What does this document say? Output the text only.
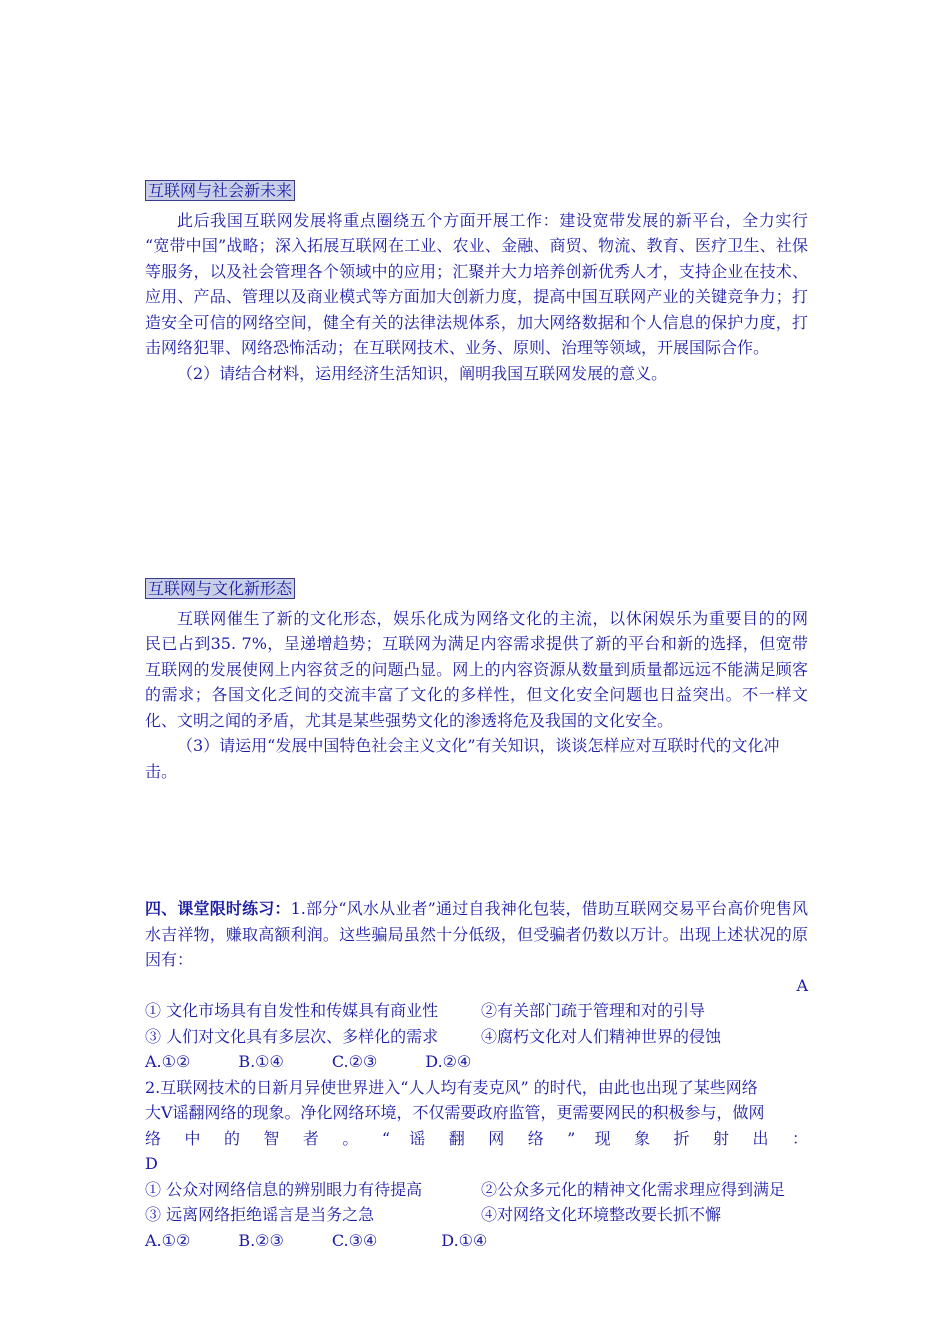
互联网与社会新未来

此后我国互联网发展将重点圈绕五个方面开展工作：建设宽带发展的新平台，全力实行 “宽带中国”战略；深入拓展互联网在工业、农业、金融、商贸、物流、教育、医疗卫生、社保等服务，以及社会管理各个领域中的应用；汇聚并大力培养创新优秀人才，支持企业在技术、应用、产品、管理以及商业模式等方面加大创新力度，提高中国互联网产业的关键竞争力；打造安全可信的网络空间，健全有关的法律法规体系，加大网络数据和个人信息的保护力度，打击网络犯罪、网络恐怖活动；在互联网技术、业务、原则、治理等领域，开展国际合作。

（2）请结合材料，运用经济生活知识，阐明我国互联网发展的意义。

互联网与文化新形态

互联网催生了新的文化形态，娱乐化成为网络文化的主流，以休闲娱乐为重要目的的网　民已占到35. 7%，呈递增趋势；互联网为满足内容需求提供了新的平台和新的选择，但宽带互联网的发展使网上内容贫乏的问题凸显。网上的内容资源从数量到质量都远远不能满足顾客的需求；各国文化乏间的交流丰富了文化的多样性，但文化安全问题也日益突出。不一样文化、文明之闻的矛盾，尤其是某些强势文化的渗透将危及我国的文化安全。

（3）请运用“发展中国特色社会主义文化”有关知识，谈谈怎样应对互联时代的文化冲击。

四、课堂限时练习：1.部分“风水从业者”通过自我神化包装，借助互联网交易平台高价兜售风水吉祥物，赚取高额利润。这些骗局虽然十分低级，但受骗者仍数以万计。出现上述状况的原因有：

A

① 文化市场具有自发性和传媒具有商业性	②有关部门疏于管理和对的引导
③ 人们对文化具有多层次、多样化的需求	④腐朽文化对人们精神世界的侵蚀

A.①②　　　B.①④　　　C.②③　　　D.②④

2.互联网技术的日新月异使世界进入“人人均有麦克风” 的时代，由此也出现了某些网络

大V谣翻网络的现象。净化网络环境，不仅需要政府监管，更需要网民的积极参与，做网

络 中 的 智 者 。 “ 谣 翻 网 络 ” 现 象 折 射 出 ：

D

① 公众对网络信息的辨别眼力有待提高	②公众多元化的精神文化需求理应得到满足
③ 远离网络拒绝谣言是当务之急	④对网络文化环境整改要长抓不懈

A.①②　　　B.②③　　　C.③④　　　　D.①④
